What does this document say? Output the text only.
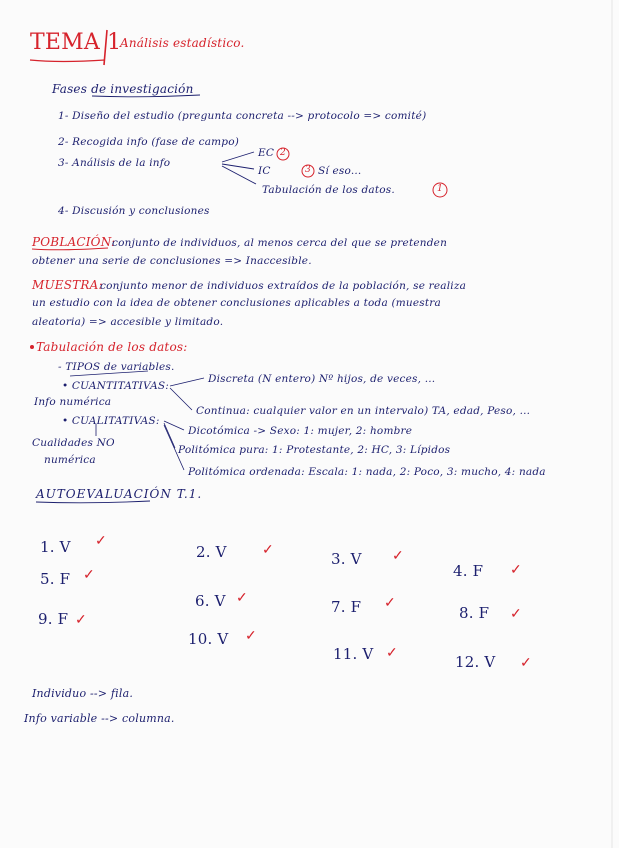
TEMA 1
Análisis estadístico.
Fases de investigación
1- Diseño del estudio (pregunta concreta --> protocolo => comité)
2- Recogida info (fase de campo)
3- Análisis de la info
EC
IC	Sí eso...
Tabulación de los datos.
2
3
1
4- Discusión y conclusiones
POBLACIÓN:
conjunto de individuos, al menos cerca del que se pretenden
obtener una serie de conclusiones => Inaccesible.
MUESTRA:
conjunto menor de individuos extraídos de la población, se realiza
un estudio con la idea de obtener conclusiones aplicables a toda (muestra
aleatoria) => accesible y limitado.
Tabulación de los datos:
- TIPOS de variables.
• CUANTITATIVAS:
Discreta (N entero) Nº hijos, de veces, ...
Continua: cualquier valor en un intervalo) TA, edad, Peso, ...
Info numérica
• CUALITATIVAS:
Dicotómica -> Sexo: 1: mujer, 2: hombre
Politómica pura: 1: Protestante, 2: HC, 3: Lípidos
Politómica ordenada: Escala: 1: nada, 2: Poco, 3: mucho, 4: nada
Cualidades NO
numérica
AUTOEVALUACIÓN T.1.
1. V ✓
2. V	✓	3. V ✓
4. F ✓
5. F ✓
6. V ✓	7. F ✓
8. F ✓
9. F ✓
10. V ✓
11. V ✓	12. V ✓
Individuo --> fila.
Info variable --> columna.
